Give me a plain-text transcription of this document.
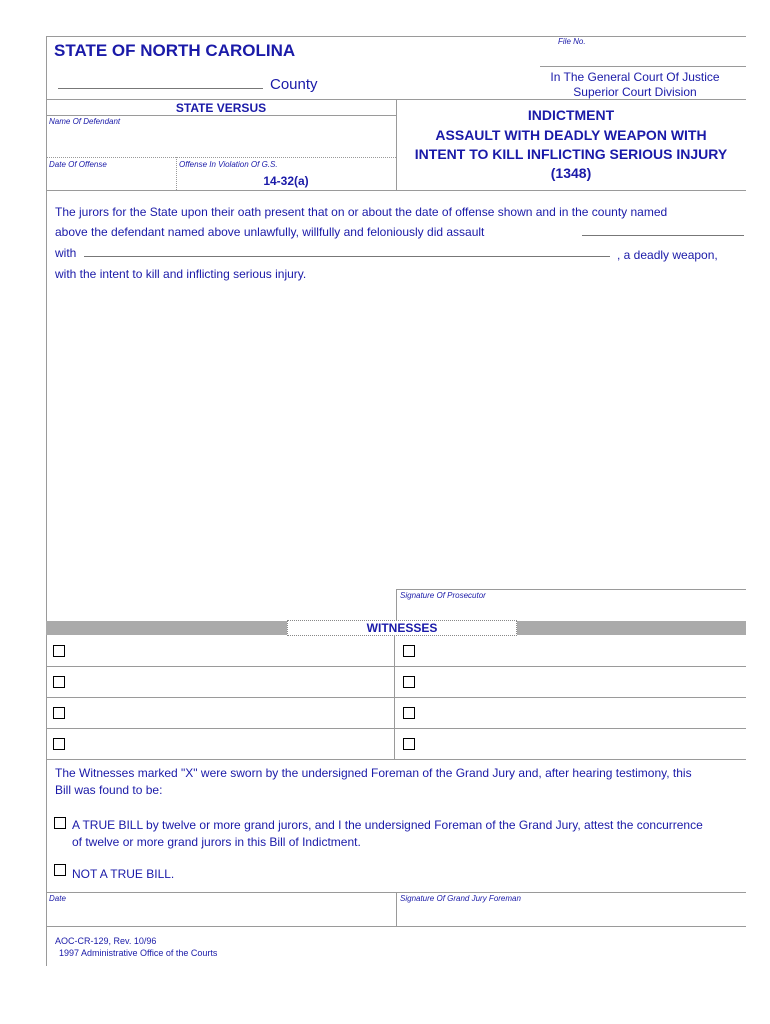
STATE OF NORTH CAROLINA
County
File No.
In The General Court Of Justice
Superior Court Division
STATE VERSUS
Name Of Defendant
Date Of Offense	Offense In Violation Of G.S.
14-32(a)
INDICTMENT
ASSAULT WITH DEADLY WEAPON WITH
INTENT TO KILL INFLICTING SERIOUS INJURY
(1348)
The jurors for the State upon their oath present that on or about the date of offense shown and in the county named
above the defendant named above unlawfully, willfully and feloniously did assault
with	, a deadly weapon,
with the intent to kill and inflicting serious injury.
Signature Of Prosecutor
WITNESSES
The Witnesses marked "X" were sworn by the undersigned Foreman of the Grand Jury and, after hearing testimony, this
Bill was found to be:
A TRUE BILL by twelve or more grand jurors, and I the undersigned Foreman of the Grand Jury, attest the concurrence
of twelve or more grand jurors in this Bill of Indictment.
NOT A TRUE BILL.
Date	Signature Of Grand Jury Foreman
AOC-CR-129, Rev. 10/96
1997 Administrative Office of the Courts
